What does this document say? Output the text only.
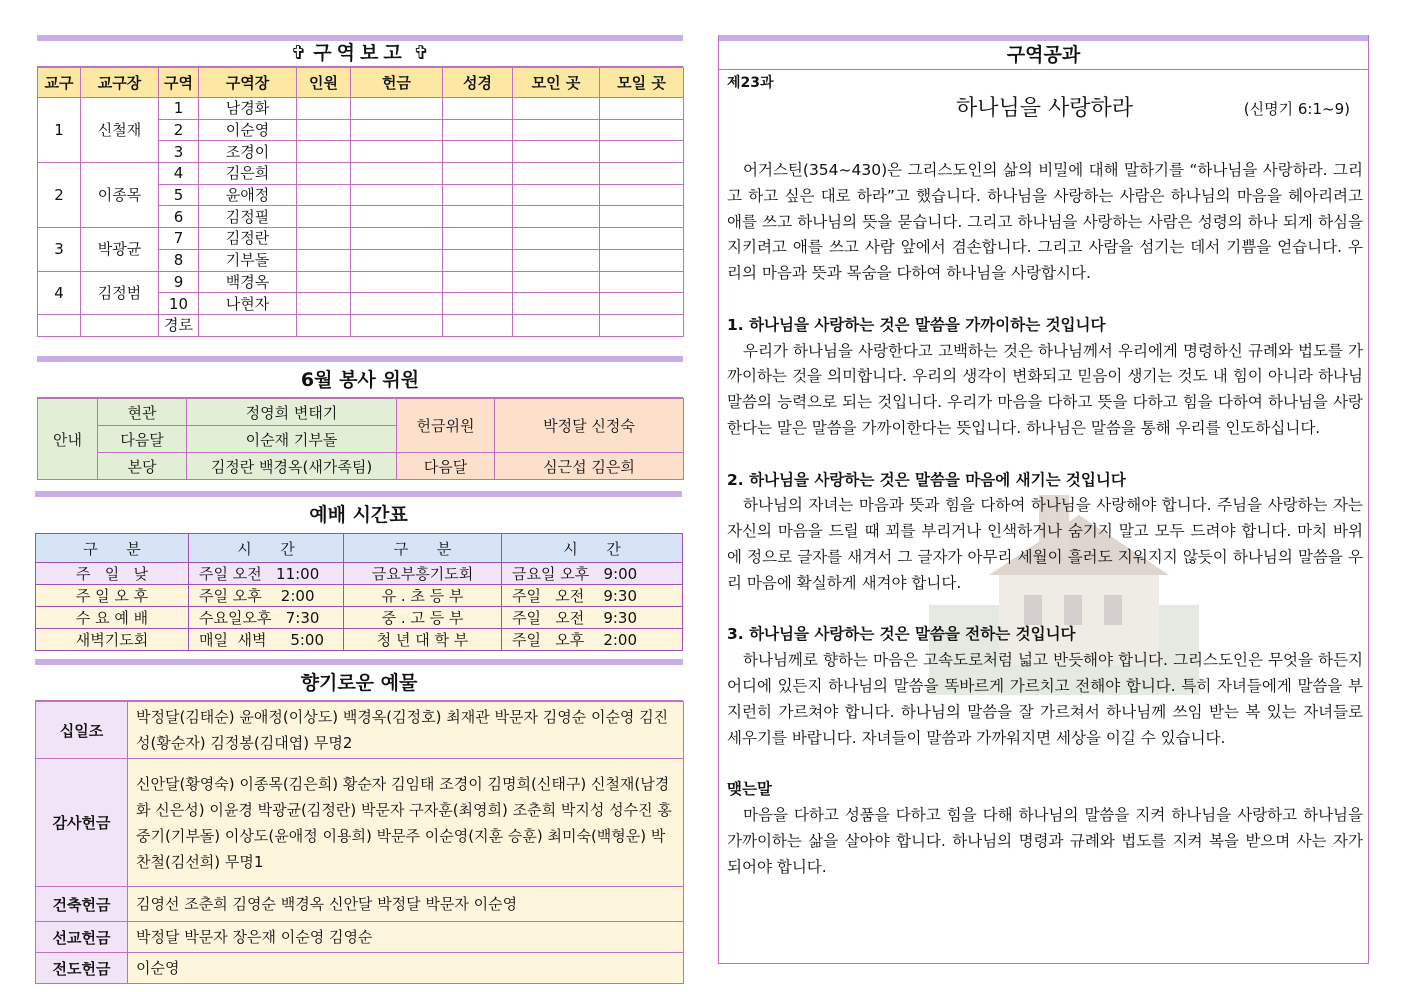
✞ 구역보고 ✞
교구	교구장	구역	구역장	인원	헌금	성경	모인 곳	모일 곳
1	신철재	1	남경화					
		2	이순영					
		3	조경이					
2	이종목	4	김은희					
		5	윤애정					
		6	김정필					
3	박광균	7	김정란					
		8	기부돌					
4	김정범	9	백경옥					
		10	나현자					
		경로						
6월 봉사 위원
안내	현관	정영희 변태기	헌금위원	박정달 신정숙
	다음달	이순재 기부돌		
	본당	김정란 백경옥(새가족팀)	다음달	심근섭 김은희
예배 시간표
구      분	시      간	구      분	시      간
주   일   낮	주일 오전   11:00	금요부흥기도회	금요일 오후   9:00
주 일 오 후	주일 오후    2:00	유 . 초 등 부	주일   오전    9:30
수 요 예 배	수요일오후   7:30	중 . 고 등 부	주일   오전    9:30
새벽기도회	매일  새벽     5:00	청 년 대 학 부	주일   오후    2:00
향기로운 예물
십일조	박정달(김태순) 윤애정(이상도) 백경옥(김정호) 최재관 박문자 김영순 이순영 김진성(황순자) 김정봉(김대엽) 무명2
감사헌금	신안달(황영숙) 이종목(김은희) 황순자 김임태 조경이 김명희(신태구) 신철재(남경화 신은성) 이윤경 박광균(김정란) 박문자 구자훈(최영희) 조춘희 박지성 성수진 홍중기(기부돌) 이상도(윤애정 이용희) 박문주 이순영(지훈 승훈) 최미숙(백형운) 박찬철(김선희) 무명1
건축헌금	김영선 조춘희 김영순 백경옥 신안달 박정달 박문자 이순영
선교헌금	박정달 박문자 장은재 이순영 김영순
전도헌금	이순영
구역공과
제23과
하나님을 사랑하라	(신명기 6:1~9)

어거스틴(354~430)은 그리스도인의 삶의 비밀에 대해 말하기를 “하나님을 사랑하라. 그리고 하고 싶은 대로 하라”고 했습니다. 하나님을 사랑하는 사람은 하나님의 마음을 헤아리려고 애를 쓰고 하나님의 뜻을 묻습니다. 그리고 하나님을 사랑하는 사람은 성령의 하나 되게 하심을 지키려고 애를 쓰고 사람 앞에서 겸손합니다. 그리고 사람을 섬기는 데서 기쁨을 얻습니다. 우리의 마음과 뜻과 목숨을 다하여 하나님을 사랑합시다.

1. 하나님을 사랑하는 것은 말씀을 가까이하는 것입니다

우리가 하나님을 사랑한다고 고백하는 것은 하나님께서 우리에게 명령하신 규례와 법도를 가까이하는 것을 의미합니다. 우리의 생각이 변화되고 믿음이 생기는 것도 내 힘이 아니라 하나님 말씀의 능력으로 되는 것입니다. 우리가 마음을 다하고 뜻을 다하고 힘을 다하여 하나님을 사랑한다는 말은 말씀을 가까이한다는 뜻입니다. 하나님은 말씀을 통해 우리를 인도하십니다.

2. 하나님을 사랑하는 것은 말씀을 마음에 새기는 것입니다

하나님의 자녀는 마음과 뜻과 힘을 다하여 하나님을 사랑해야 합니다. 주님을 사랑하는 자는 자신의 마음을 드릴 때 꾀를 부리거나 인색하거나 숨기지 말고 모두 드려야 합니다. 마치 바위에 정으로 글자를 새겨서 그 글자가 아무리 세월이 흘러도 지워지지 않듯이 하나님의 말씀을 우리 마음에 확실하게 새겨야 합니다.

3. 하나님을 사랑하는 것은 말씀을 전하는 것입니다

하나님께로 향하는 마음은 고속도로처럼 넓고 반듯해야 합니다. 그리스도인은 무엇을 하든지 어디에 있든지 하나님의 말씀을 똑바르게 가르치고 전해야 합니다. 특히 자녀들에게 말씀을 부지런히 가르쳐야 합니다. 하나님의 말씀을 잘 가르쳐서 하나님께 쓰임 받는 복 있는 자녀들로 세우기를 바랍니다. 자녀들이 말씀과 가까워지면 세상을 이길 수 있습니다.

맺는말

마음을 다하고 성품을 다하고 힘을 다해 하나님의 말씀을 지켜 하나님을 사랑하고 하나님을 가까이하는 삶을 살아야 합니다. 하나님의 명령과 규례와 법도를 지켜 복을 받으며 사는 자가 되어야 합니다.
